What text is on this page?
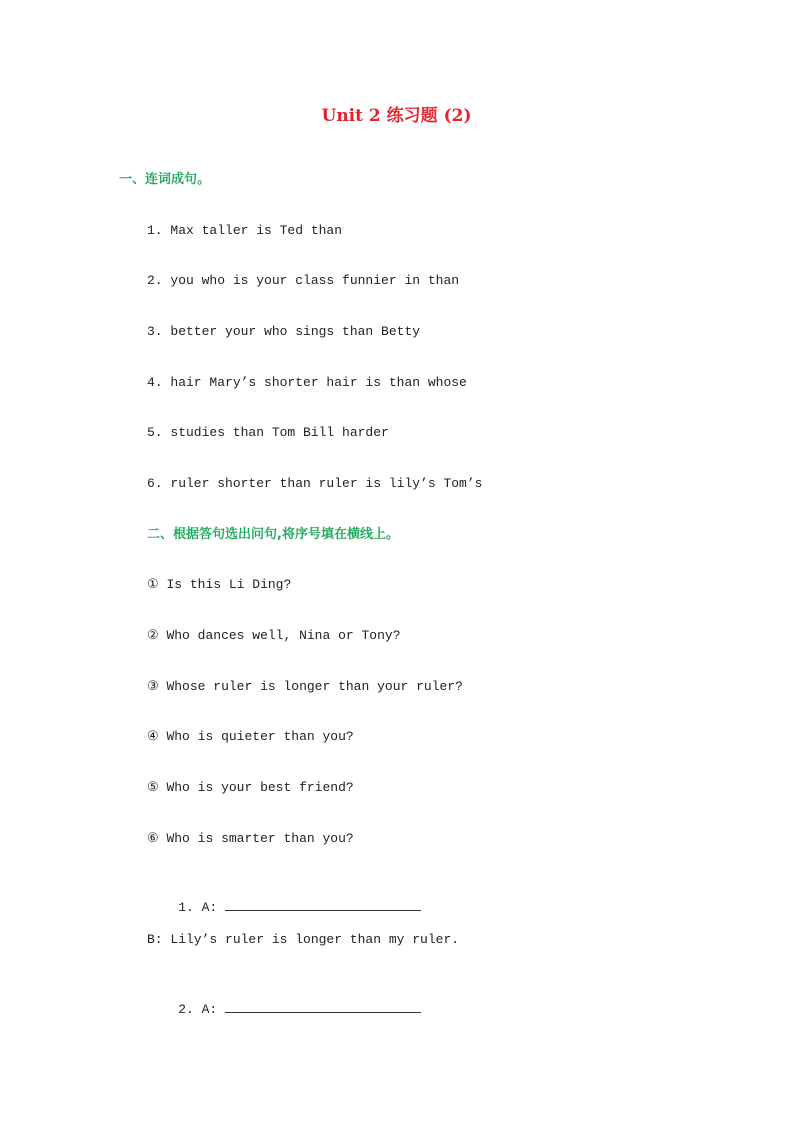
Unit 2 练习题 (2)
一、连词成句。
1. Max taller is Ted than
2. you who is your class funnier in than
3. better your who sings than Betty
4. hair Mary’s shorter hair is than whose
5. studies than Tom Bill harder
6. ruler shorter than ruler is lily’s Tom’s
二、根据答句选出问句,将序号填在横线上。
① Is this Li Ding?
② Who dances well, Nina or Tony?
③ Whose ruler is longer than your ruler?
④ Who is quieter than you?
⑤ Who is your best friend?
⑥ Who is smarter than you?

1. A:

B: Lily’s ruler is longer than my ruler.

2. A:
